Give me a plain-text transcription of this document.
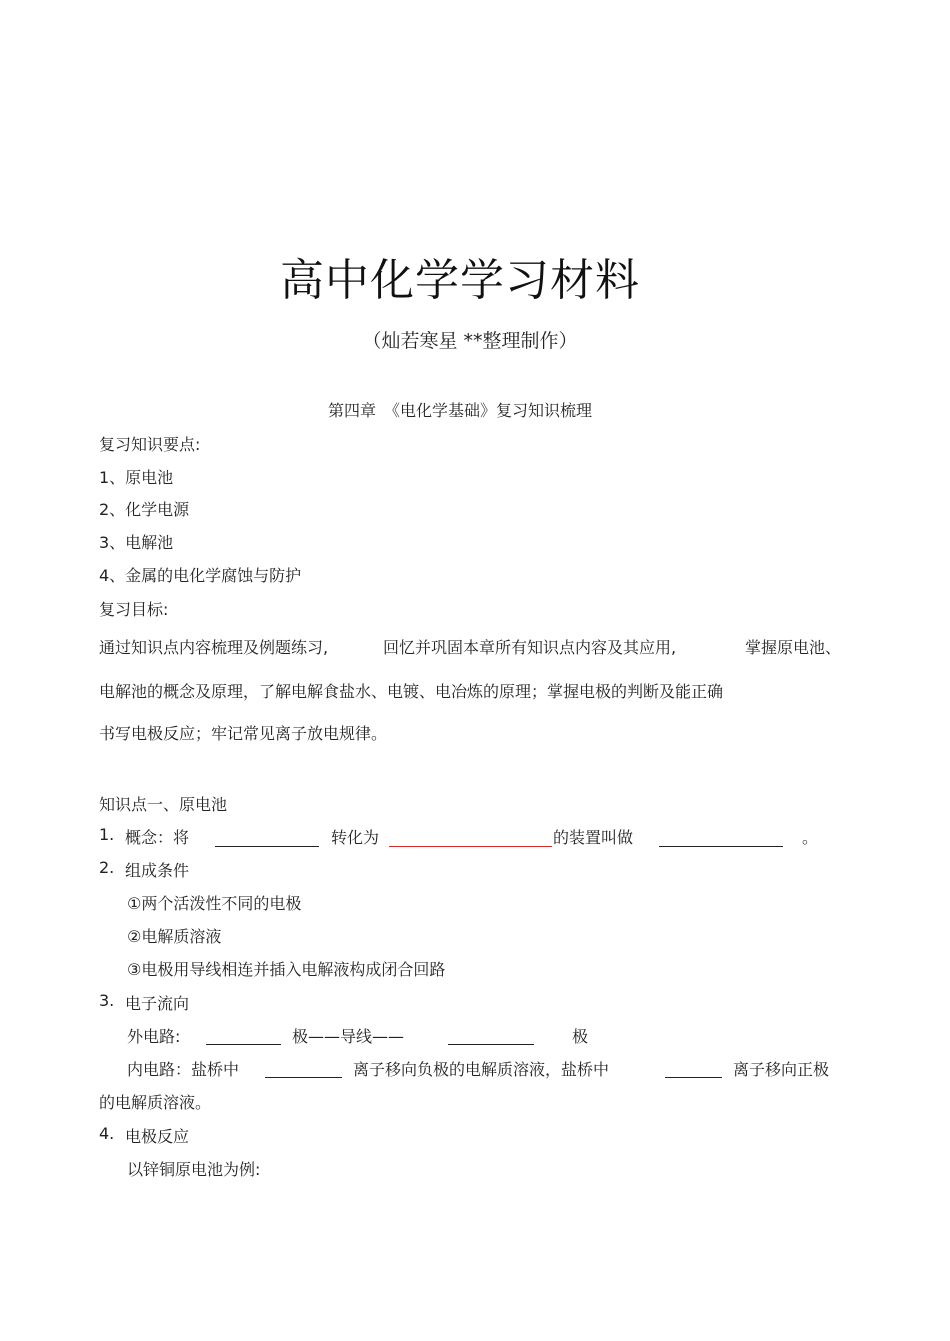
高中化学学习材料
（灿若寒星 **整理制作）
第四章　《电化学基础》复习知识梳理
复习知识要点:
1、原电池
2、化学电源
3、电解池
4、金属的电化学腐蚀与防护
复习目标:
通过知识点内容梳理及例题练习,	回忆并巩固本章所有知识点内容及其应用,	掌握原电池、
电解池的概念及原理，了解电解食盐水、电镀、电冶炼的原理；掌握电极的判断及能正确
书写电极反应；牢记常见离子放电规律。
知识点一、原电池
1. 概念：将	转化为	的装置叫做	。
2. 组成条件
①两个活泼性不同的电极
②电解质溶液
③电极用导线相连并插入电解液构成闭合回路
3. 电子流向
外电路:	极——导线——	极
内电路：盐桥中	离子移向负极的电解质溶液，盐桥中	离子移向正极
的电解质溶液。
4. 电极反应
以锌铜原电池为例:
